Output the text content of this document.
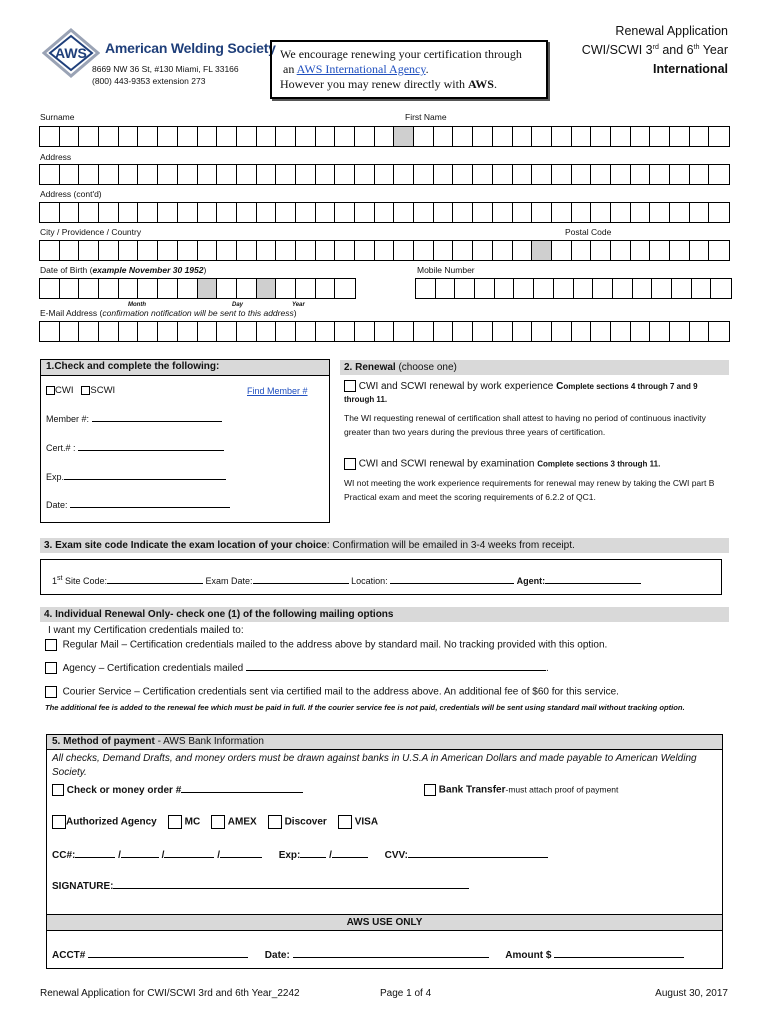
AWS American Welding Society
8669 NW 36 St, #130 Miami, FL 33166
(800) 443-9353 extension 273
We encourage renewing your certification through
an AWS International Agency.
However you may renew directly with AWS.
Renewal Application
CWI/SCWI 3rd and 6th Year
International
Surname	First Name
Address
Address (cont'd)
City / Providence / Country	Postal Code
Date of Birth (example November 30 1952)	Mobile Number
Month	Day	Year
E-Mail Address (confirmation notification will be sent to this address)
1.Check and complete the following:
CWI SCWI	Find Member #
Member #:
Cert.# :
Exp.
Date:
2. Renewal (choose one)
CWI and SCWI renewal by work experience Complete sections 4 through 7 and 9 through 11.
The WI requesting renewal of certification shall attest to having no period of continuous inactivity greater than two years during the previous three years of certification.
CWI and SCWI renewal by examination Complete sections 3 through 11.
WI not meeting the work experience requirements for renewal may renew by taking the CWI part B Practical exam and meet the scoring requirements of 6.2.2 of QC1.
3. Exam site code Indicate the exam location of your choice: Confirmation will be emailed in 3-4 weeks from receipt.
1st Site Code:	Exam Date:	Location:	Agent:
4. Individual Renewal Only- check one (1) of the following mailing options
I want my Certification credentials mailed to:
Regular Mail – Certification credentials mailed to the address above by standard mail. No tracking provided with this option.
Agency – Certification credentials mailed	.
Courier Service – Certification credentials sent via certified mail to the address above. An additional fee of $60 for this service.
The additional fee is added to the renewal fee which must be paid in full. If the courier service fee is not paid, credentials will be sent using standard mail without tracking option.
5. Method of payment - AWS Bank Information
AWS USE ONLY
All checks, Demand Drafts, and money orders must be drawn against banks in U.S.A in American Dollars and made payable to American Welding Society.
Check or money order #	Bank Transfer-must attach proof of payment
Authorized Agency	MC	AMEX	Discover	VISA
CC#:	/	/	/	Exp:	/	CVV:
SIGNATURE:
ACCT#	Date:	Amount $
Renewal Application for CWI/SCWI 3rd and 6th Year_2242	Page 1 of 4	August 30, 2017
